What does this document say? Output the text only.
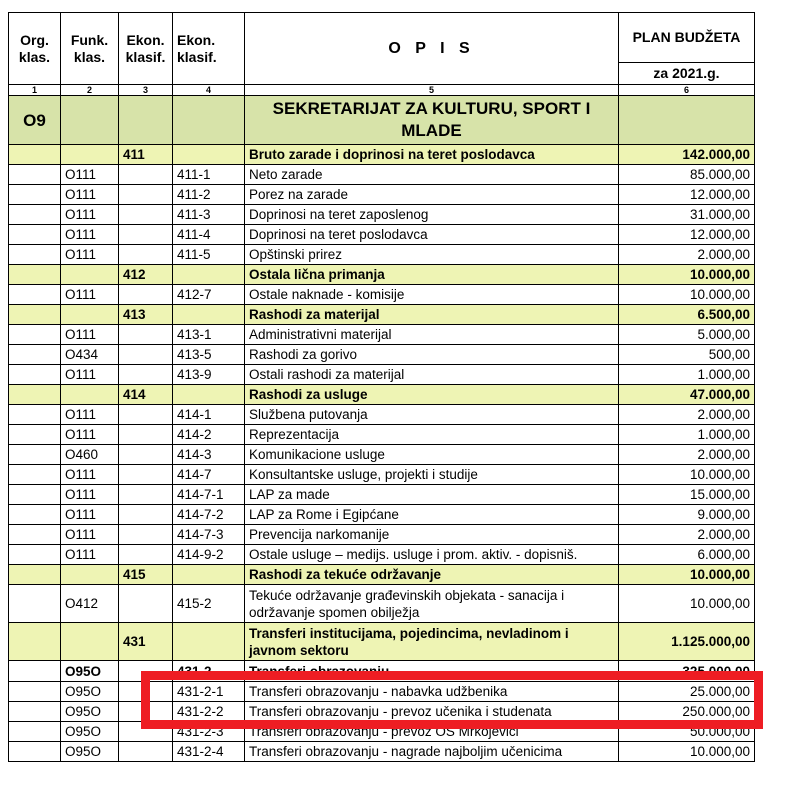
Org. klas.	Funk. klas.	Ekon. klasif.	Ekon. klasif.	O P I S	PLAN BUDŽETA
					za 2021.g.
1	2	3	4	5	6
O9				SEKRETARIJAT ZA KULTURU, SPORT I MLADE	
		411		Bruto zarade i doprinosi na teret poslodavca	142.000,00
	O111		411-1	Neto zarade	85.000,00
	O111		411-2	Porez na zarade	12.000,00
	O111		411-3	Doprinosi na teret zaposlenog	31.000,00
	O111		411-4	Doprinosi na teret poslodavca	12.000,00
	O111		411-5	Opštinski prirez	2.000,00
		412		Ostala lična primanja	10.000,00
	O111		412-7	Ostale naknade - komisije	10.000,00
		413		Rashodi za materijal	6.500,00
	O111		413-1	Administrativni materijal	5.000,00
	O434		413-5	Rashodi za gorivo	500,00
	O111		413-9	Ostali rashodi za materijal	1.000,00
		414		Rashodi za usluge	47.000,00
	O111		414-1	Službena putovanja	2.000,00
	O111		414-2	Reprezentacija	1.000,00
	O460		414-3	Komunikacione usluge	2.000,00
	O111		414-7	Konsultantske usluge, projekti i studije	10.000,00
	O111		414-7-1	LAP za made	15.000,00
	O111		414-7-2	LAP za Rome i Egipćane	9.000,00
	O111		414-7-3	Prevencija narkomanije	2.000,00
	O111		414-9-2	Ostale usluge – medijs. usluge i prom. aktiv. - dopisniš.	6.000,00
		415		Rashodi za tekuće održavanje	10.000,00
	O412		415-2	Tekuće održavanje građevinskih objekata - sanacija i održavanje spomen obilježja	10.000,00
		431		Transferi institucijama, pojedincima, nevladinom i javnom sektoru	1.125.000,00
	O95O		431-2	Transferi obrazovanju	325.000,00
	O95O		431-2-1	Transferi obrazovanju - nabavka udžbenika	25.000,00
	O95O		431-2-2	Transferi obrazovanju - prevoz učenika i studenata	250.000,00
	O95O		431-2-3	Transferi obrazovanju - prevoz OŠ Mrkojevići	50.000,00
	O95O		431-2-4	Transferi obrazovanju - nagrade najboljim učenicima	10.000,00
